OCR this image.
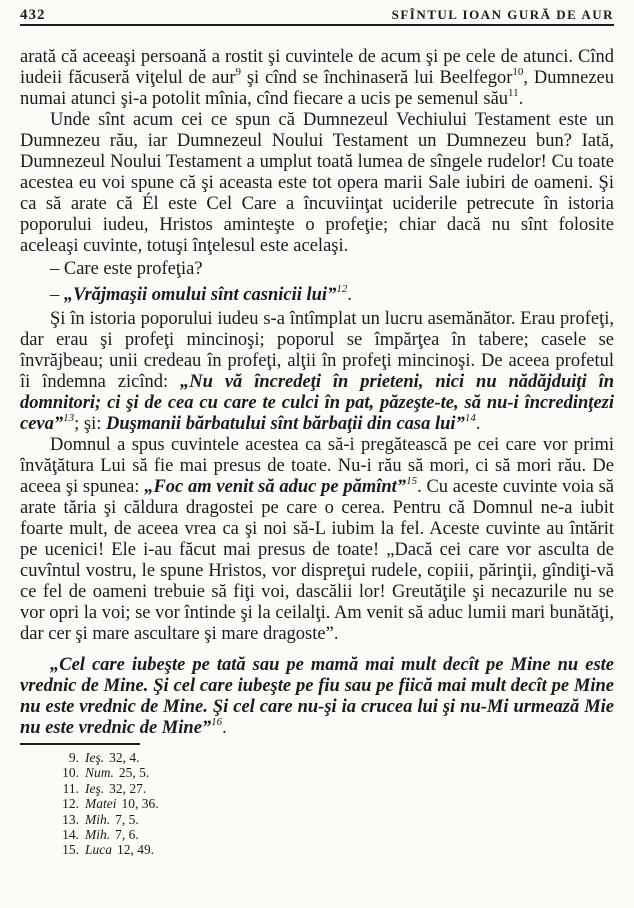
432	SFÎNTUL IOAN GURĂ DE AUR

arată că aceeaşi persoană a rostit şi cuvintele de acum şi pe cele de atunci. Cînd iudeii făcuseră viţelul de aur$^9$ şi cînd se închinaseră lui Beelfegor$^{10}$, Dumnezeu numai atunci şi-a potolit mînia, cînd fiecare a ucis pe semenul său$^{11}$.

Unde sînt acum cei ce spun că Dumnezeul Vechiului Testament este un Dumnezeu rău, iar Dumnezeul Noului Testament un Dumnezeu bun? Iată, Dumnezeul Noului Testament a umplut toată lumea de sîngele rudelor! Cu toate acestea eu voi spune că şi aceasta este tot opera marii Sale iubiri de oameni. Şi ca să arate că Él este Cel Care a încuviinţat uciderile petrecute în istoria poporului iudeu, Hristos aminteşte o profeţie; chiar dacă nu sînt folosite aceleaşi cuvinte, totuşi înţelesul este acelaşi.

– Care este profeţia?

– „Vrăjmaşii omului sînt casnicii lui”$^{12}$.

Şi în istoria poporului iudeu s-a întîmplat un lucru asemănător. Erau profeţi, dar erau şi profeţi mincinoşi; poporul se împărţea în tabere; casele se învrăjbeau; unii credeau în profeţi, alţii în profeţi mincinoşi. De aceea profetul îi îndemna zicînd: „Nu vă încredeţi în prieteni, nici nu nădăjduiţi în domnitori; ci şi de cea cu care te culci în pat, păzeşte-te, să nu-i încredinţezi ceva”$^{13}$; şi: Duşmanii bărbatului sînt bărbaţii din casa lui”$^{14}$.

Domnul a spus cuvintele acestea ca să-i pregătească pe cei care vor primi învăţătura Lui să fie mai presus de toate. Nu-i rău să mori, ci să mori rău. De aceea şi spunea: „Foc am venit să aduc pe pămînt”$^{15}$. Cu aceste cuvinte voia să arate tăria şi căldura dragostei pe care o cerea. Pentru că Domnul ne-a iubit foarte mult, de aceea vrea ca şi noi să-L iubim la fel. Aceste cuvinte au întărit pe ucenici! Ele i-au făcut mai presus de toate! „Dacă cei care vor asculta de cuvîntul vostru, le spune Hristos, vor dispreţui rudele, copiii, părinţii, gîndiţi-vă ce fel de oameni trebuie să fiţi voi, dascălii lor! Greutăţile şi necazurile nu se vor opri la voi; se vor întinde şi la ceilalţi. Am venit să aduc lumii mari bunătăţi, dar cer şi mare ascultare şi mare dragoste”.

„Cel care iubeşte pe tată sau pe mamă mai mult decît pe Mine nu este vrednic de Mine. Şi cel care iubeşte pe fiu sau pe fiică mai mult decît pe Mine nu este vrednic de Mine. Şi cel care nu-şi ia crucea lui şi nu-Mi urmează Mie nu este vrednic de Mine”$^{16}$.

9. Ieş. 32, 4.
10. Num. 25, 5.
11. Ieş. 32, 27.
12. Matei 10, 36.
13. Mih. 7, 5.
14. Mih. 7, 6.
15. Luca 12, 49.
